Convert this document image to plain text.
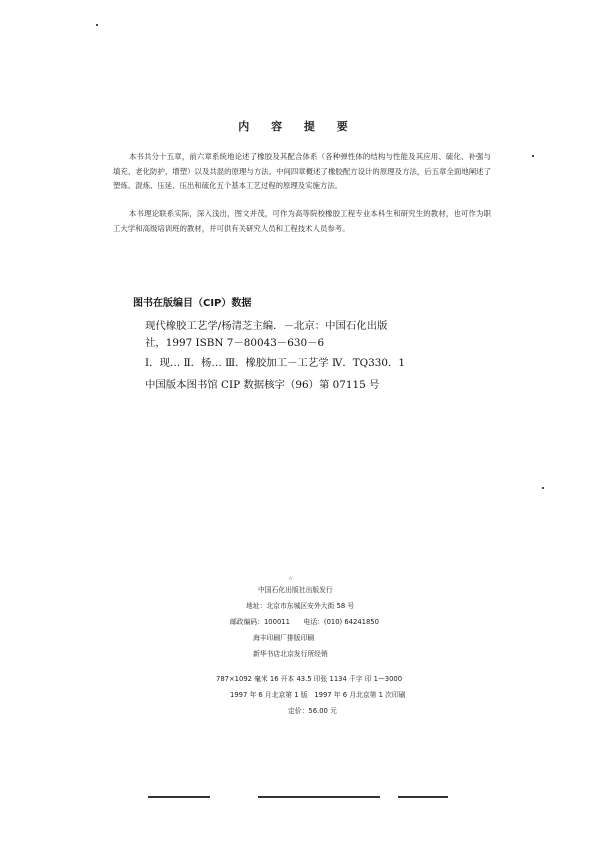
内 容 提 要
本书共分十五章，前六章系统地论述了橡胶及其配合体系（各种弹性体的结构与性能及其应用、硫化、补强与填充、老化防护、增塑）以及共混的原理与方法。中间四章概述了橡胶配方设计的原理及方法，后五章全面地阐述了塑炼、混炼、压延、压出和硫化五个基本工艺过程的原理及实施方法。
本书理论联系实际，深入浅出，图文并茂，可作为高等院校橡胶工程专业本科生和研究生的教材，也可作为职工大学和高级培训班的教材，并可供有关研究人员和工程技术人员参考。
图书在版编目（CIP）数据
现代橡胶工艺学/杨清芝主编．－北京：中国石化出版
社，1997 ISBN 7－80043－630－6
Ⅰ．现… Ⅱ．杨… Ⅲ．橡胶加工－工艺学 Ⅳ．TQ330．1
中国版本图书馆 CIP 数据核字（96）第 07115 号
☆
中国石化出版社出版发行
地址：北京市东城区安外大街 58 号
邮政编码：100011　　电话：(010) 64241850
海丰印刷厂排版印刷
新华书店北京发行所经销
787×1092 毫米 16 开本 43.5 印张 1134 千字 印 1—3000
1997 年 6 月北京第 1 版　1997 年 6 月北京第 1 次印刷
定价：56.00 元
